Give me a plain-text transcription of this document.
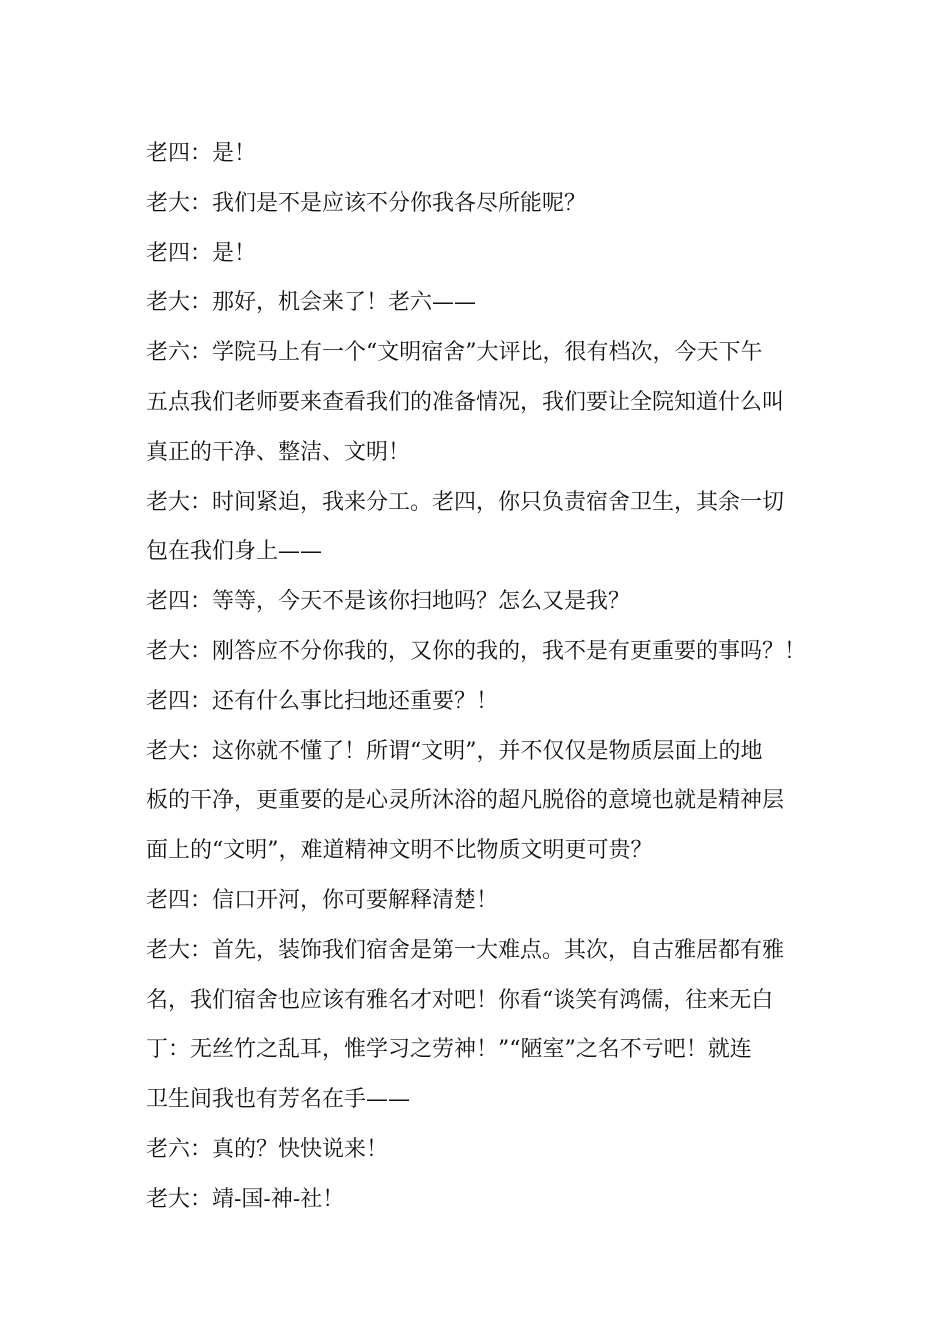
老四：是！
老大：我们是不是应该不分你我各尽所能呢？
老四：是！
老大：那好，机会来了！老六——
老六：学院马上有一个“文明宿舍”大评比，很有档次，今天下午
五点我们老师要来查看我们的准备情况，我们要让全院知道什么叫
真正的干净、整洁、文明！
老大：时间紧迫，我来分工。老四，你只负责宿舍卫生，其余一切
包在我们身上——
老四：等等，今天不是该你扫地吗？怎么又是我？
老大：刚答应不分你我的，又你的我的，我不是有更重要的事吗？！
老四：还有什么事比扫地还重要？！
老大：这你就不懂了！所谓“文明”，并不仅仅是物质层面上的地
板的干净，更重要的是心灵所沐浴的超凡脱俗的意境也就是精神层
面上的“文明”，难道精神文明不比物质文明更可贵？
老四：信口开河，你可要解释清楚！
老大：首先，装饰我们宿舍是第一大难点。其次，自古雅居都有雅
名，我们宿舍也应该有雅名才对吧！你看“谈笑有鸿儒，往来无白
丁：无丝竹之乱耳，惟学习之劳神！”“陋室”之名不亏吧！就连
卫生间我也有芳名在手——
老六：真的？快快说来！
老大：靖-国-神-社！
